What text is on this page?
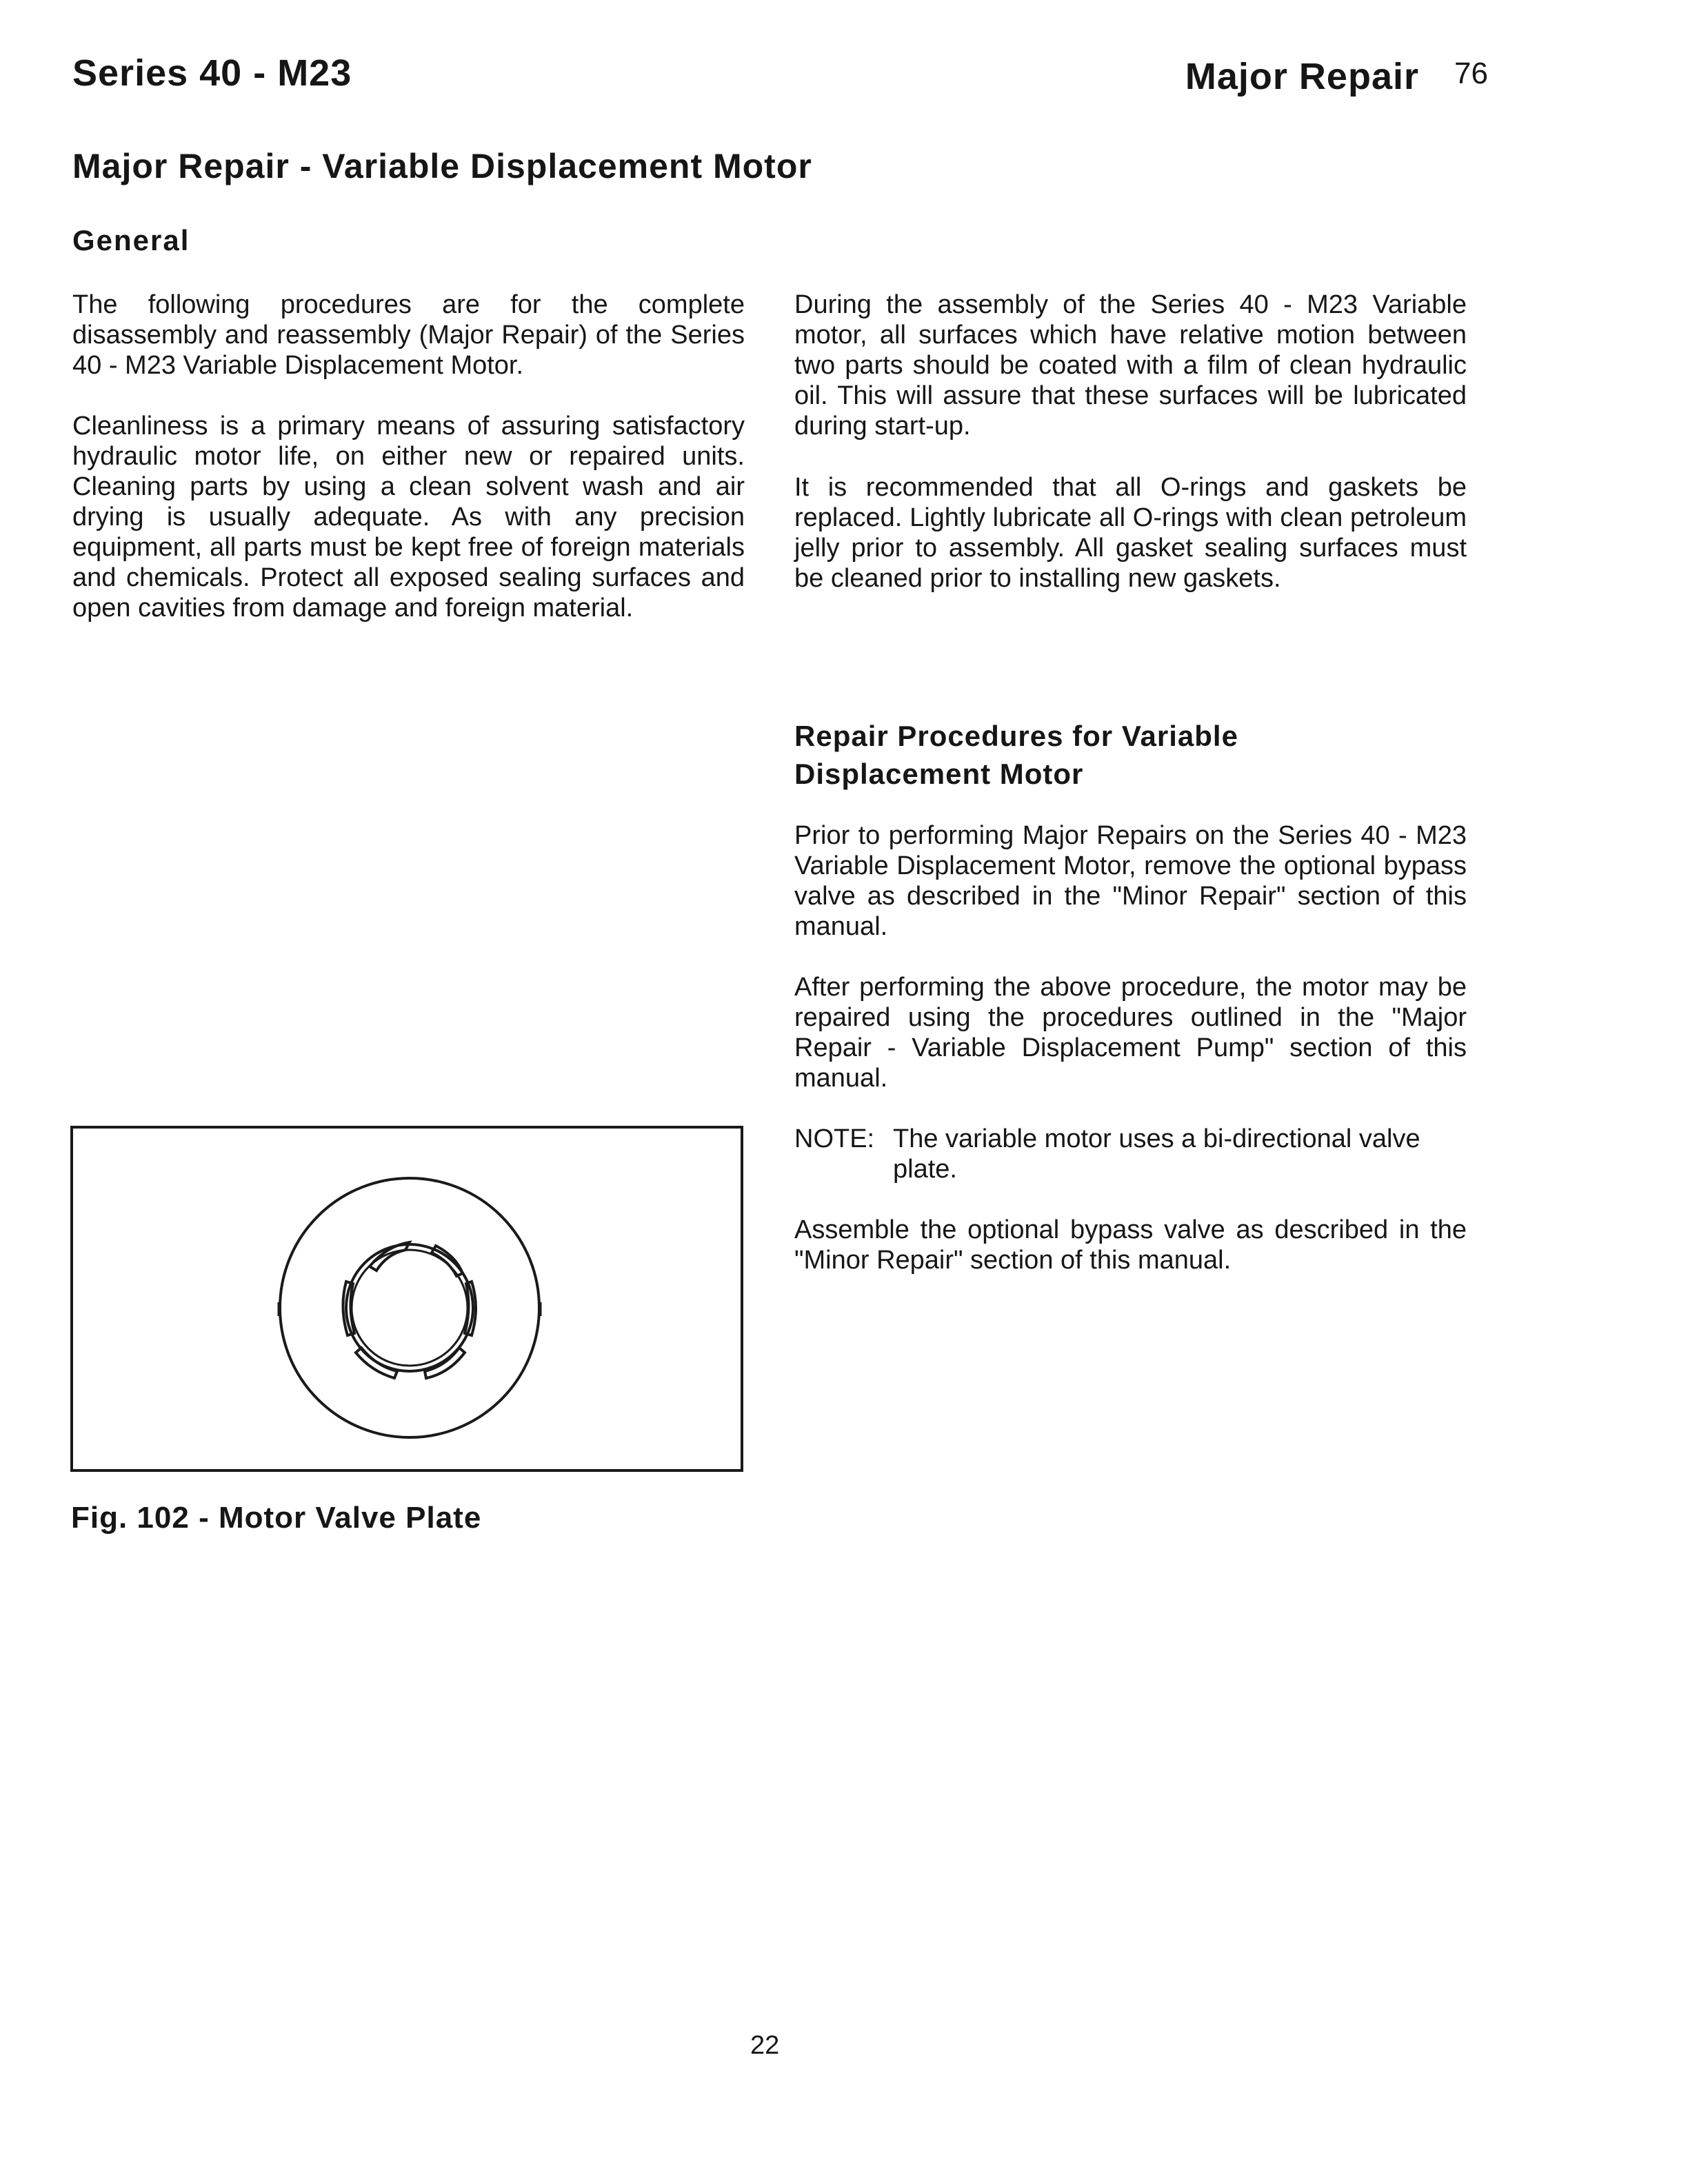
Series 40 - M23	Major Repair 76
Major Repair - Variable Displacement Motor
General

The following procedures are for the complete disassembly and reassembly (Major Repair) of the Series 40 - M23 Variable Displacement Motor.

Cleanliness is a primary means of assuring satisfactory hydraulic motor life, on either new or repaired units. Cleaning parts by using a clean solvent wash and air drying is usually adequate. As with any precision equipment, all parts must be kept free of foreign materials and chemicals. Protect all exposed sealing surfaces and open cavities from damage and foreign material.

During the assembly of the Series 40 - M23 Variable motor, all surfaces which have relative motion between two parts should be coated with a film of clean hydraulic oil. This will assure that these surfaces will be lubricated during start-up.

It is recommended that all O-rings and gaskets be replaced. Lightly lubricate all O-rings with clean petroleum jelly prior to assembly. All gasket sealing surfaces must be cleaned prior to installing new gaskets.

Repair Procedures for Variable
Displacement Motor

Prior to performing Major Repairs on the Series 40 - M23 Variable Displacement Motor, remove the optional bypass valve as described in the "Minor Repair" section of this manual.

After performing the above procedure, the motor may be repaired using the procedures outlined in the "Major Repair - Variable Displacement Pump" section of this manual.

NOTE: The variable motor uses a bi-directional valve plate.

Assemble the optional bypass valve as described in the "Minor Repair" section of this manual.

Fig. 102 - Motor Valve Plate
22
